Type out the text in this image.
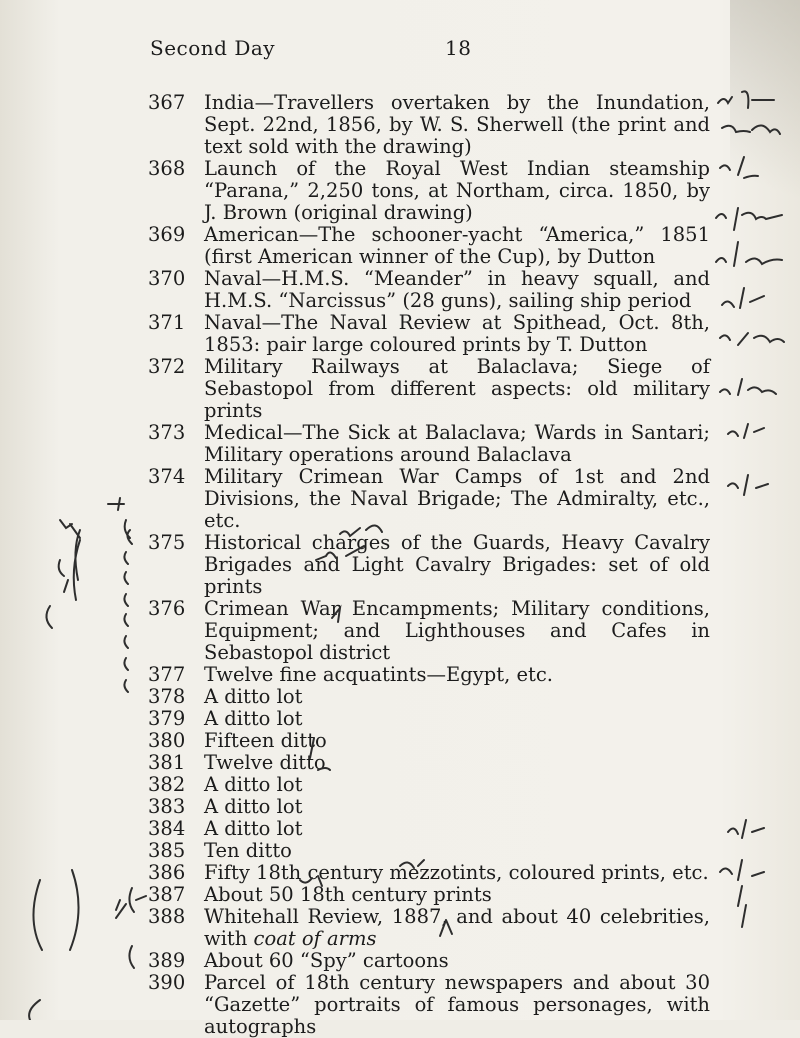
Second Day	18
367 India—Travellers overtaken by the Inundation, Sept. 22nd, 1856, by W. S. Sherwell (the print and text sold with the drawing)
368 Launch of the Royal West Indian steamship “Parana,” 2,250 tons, at Northam, circa. 1850, by J. Brown (original drawing)
369 American—The schooner-yacht “America,” 1851 (first American winner of the Cup), by Dutton
370 Naval—H.M.S. “Meander” in heavy squall, and H.M.S. “Narcissus” (28 guns), sailing ship period
371 Naval—The Naval Review at Spithead, Oct. 8th, 1853: pair large coloured prints by T. Dutton
372 Military Railways at Balaclava; Siege of Sebastopol from different aspects: old military prints
373 Medical—The Sick at Balaclava; Wards in Santari; Military operations around Balaclava
374 Military Crimean War Camps of 1st and 2nd Divisions, the Naval Brigade; The Admiralty, etc., etc.
375 Historical charges of the Guards, Heavy Cavalry Brigades and Light Cavalry Brigades: set of old prints
376 Crimean War Encampments; Military conditions, Equipment; and Lighthouses and Cafes in Sebastopol district
377 Twelve fine acquatints—Egypt, etc.
378 A ditto lot
379 A ditto lot
380 Fifteen ditto
381 Twelve ditto
382 A ditto lot
383 A ditto lot
384 A ditto lot
385 Ten ditto
386 Fifty 18th century mezzotints, coloured prints, etc.
387 About 50 18th century prints
388 Whitehall Review, 1887, and about 40 celebrities, with coat of arms
389 About 60 “Spy” cartoons
390 Parcel of 18th century newspapers and about 30 “Gazette” portraits of famous personages, with autographs
